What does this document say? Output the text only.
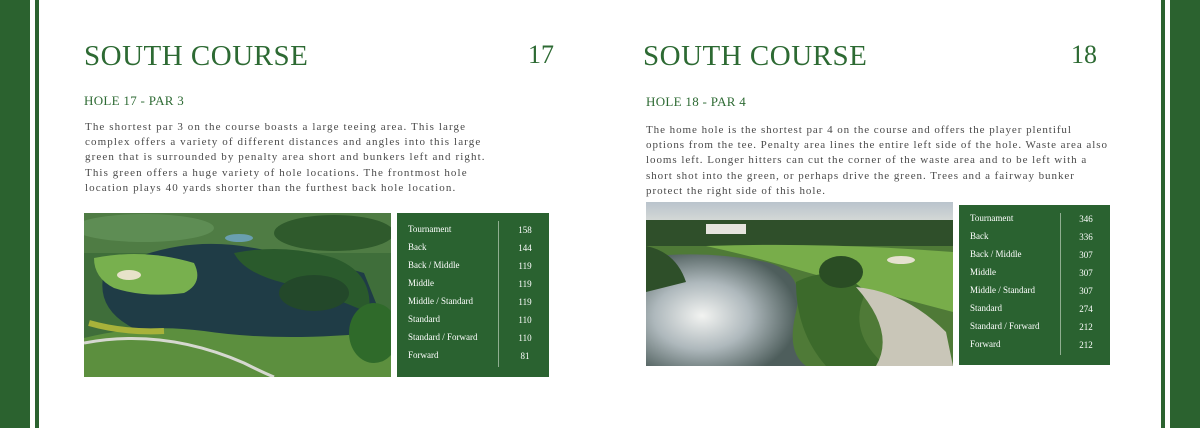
SOUTH COURSE	17
HOLE 17 - PAR 3

The shortest par 3 on the course boasts a large teeing area. This large complex offers a variety of different distances and angles into this large green that is surrounded by penalty area short and bunkers left and right. This green offers a huge variety of hole locations. The frontmost hole location plays 40 yards shorter than the furthest back hole location.

Tournament	158
Back	144
Back / Middle	119
Middle	119
Middle / Standard	119
Standard	110
Standard / Forward	110
Forward	81
SOUTH COURSE	18
HOLE 18 - PAR 4

The home hole is the shortest par 4 on the course and offers the player plentiful options from the tee. Penalty area lines the entire left side of the hole. Waste area also looms left. Longer hitters can cut the corner of the waste area and to be left with a short shot into the green, or perhaps drive the green. Trees and a fairway bunker protect the right side of this hole.

Tournament	346
Back	336
Back / Middle	307
Middle	307
Middle / Standard	307
Standard	274
Standard / Forward	212
Forward	212
